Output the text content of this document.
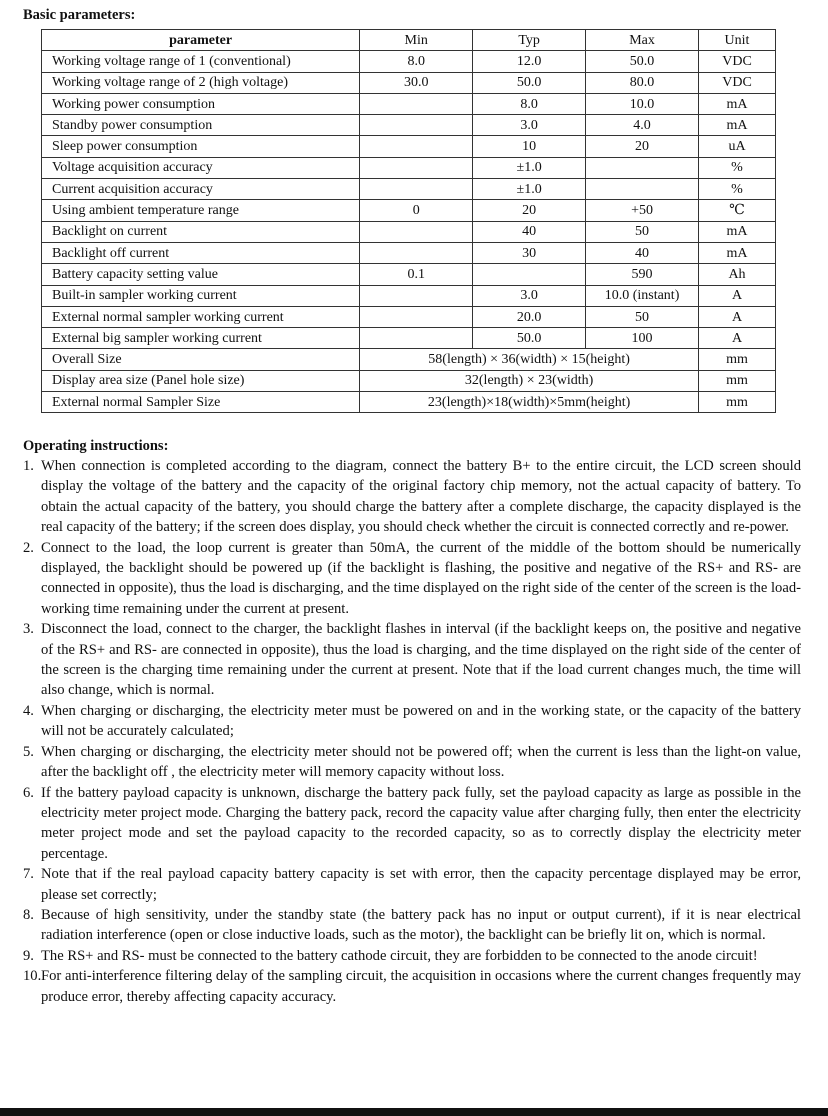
Basic parameters:
parameter	Min	Typ	Max	Unit
Working voltage range of 1 (conventional)	8.0	12.0	50.0	VDC
Working voltage range of 2 (high voltage)	30.0	50.0	80.0	VDC
Working power consumption		8.0	10.0	mA
Standby power consumption		3.0	4.0	mA
Sleep power consumption		10	20	uA
Voltage acquisition accuracy		±1.0		%
Current acquisition accuracy		±1.0		%
Using ambient temperature range	0	20	+50	℃
Backlight on current		40	50	mA
Backlight off current		30	40	mA
Battery capacity setting value	0.1		590	Ah
Built-in sampler working current		3.0	10.0 (instant)	A
External normal sampler working current		20.0	50	A
External big sampler working current		50.0	100	A
Overall Size	58(length) × 36(width) × 15(height)			mm
Display area size (Panel hole size)	32(length) × 23(width)			mm
External normal Sampler Size	23(length)×18(width)×5mm(height)			mm
Operating instructions:
1. When connection is completed according to the diagram, connect the battery B+ to the entire circuit, the LCD screen should display the voltage of the battery and the capacity of the original factory chip memory, not the actual capacity of battery. To obtain the actual capacity of the battery, you should charge the battery after a complete discharge, the capacity displayed is the real capacity of the battery; if the screen does display, you should check whether the circuit is connected correctly and re-power.
2. Connect to the load, the loop current is greater than 50mA, the current of the middle of the bottom should be numerically displayed, the backlight should be powered up (if the backlight is flashing, the positive and negative of the RS+ and RS- are connected in opposite), thus the load is discharging, and the time displayed on the right side of the center of the screen is the load-working time remaining under the current at present.
3. Disconnect the load, connect to the charger, the backlight flashes in interval (if the backlight keeps on, the positive and negative of the RS+ and RS- are connected in opposite), thus the load is charging, and the time displayed on the right side of the center of the screen is the charging time remaining under the current at present. Note that if the load current changes much, the time will also change, which is normal.
4. When charging or discharging, the electricity meter must be powered on and in the working state, or the capacity of the battery will not be accurately calculated;
5. When charging or discharging, the electricity meter should not be powered off; when the current is less than the light-on value, after the backlight off , the electricity meter will memory capacity without loss.
6. If the battery payload capacity is unknown, discharge the battery pack fully, set the payload capacity as large as possible in the electricity meter project mode. Charging the battery pack, record the capacity value after charging fully, then enter the electricity meter project mode and set the payload capacity to the recorded capacity, so as to correctly display the electricity meter percentage.
7. Note that if the real payload capacity battery capacity is set with error, then the capacity percentage displayed may be error, please set correctly;
8. Because of high sensitivity, under the standby state (the battery pack has no input or output current), if it is near electrical radiation interference (open or close inductive loads, such as the motor), the backlight can be briefly lit on, which is normal.
9. The RS+ and RS- must be connected to the battery cathode circuit, they are forbidden to be connected to the anode circuit!
10. For anti-interference filtering delay of the sampling circuit, the acquisition in occasions where the current changes frequently may produce error, thereby affecting capacity accuracy.
